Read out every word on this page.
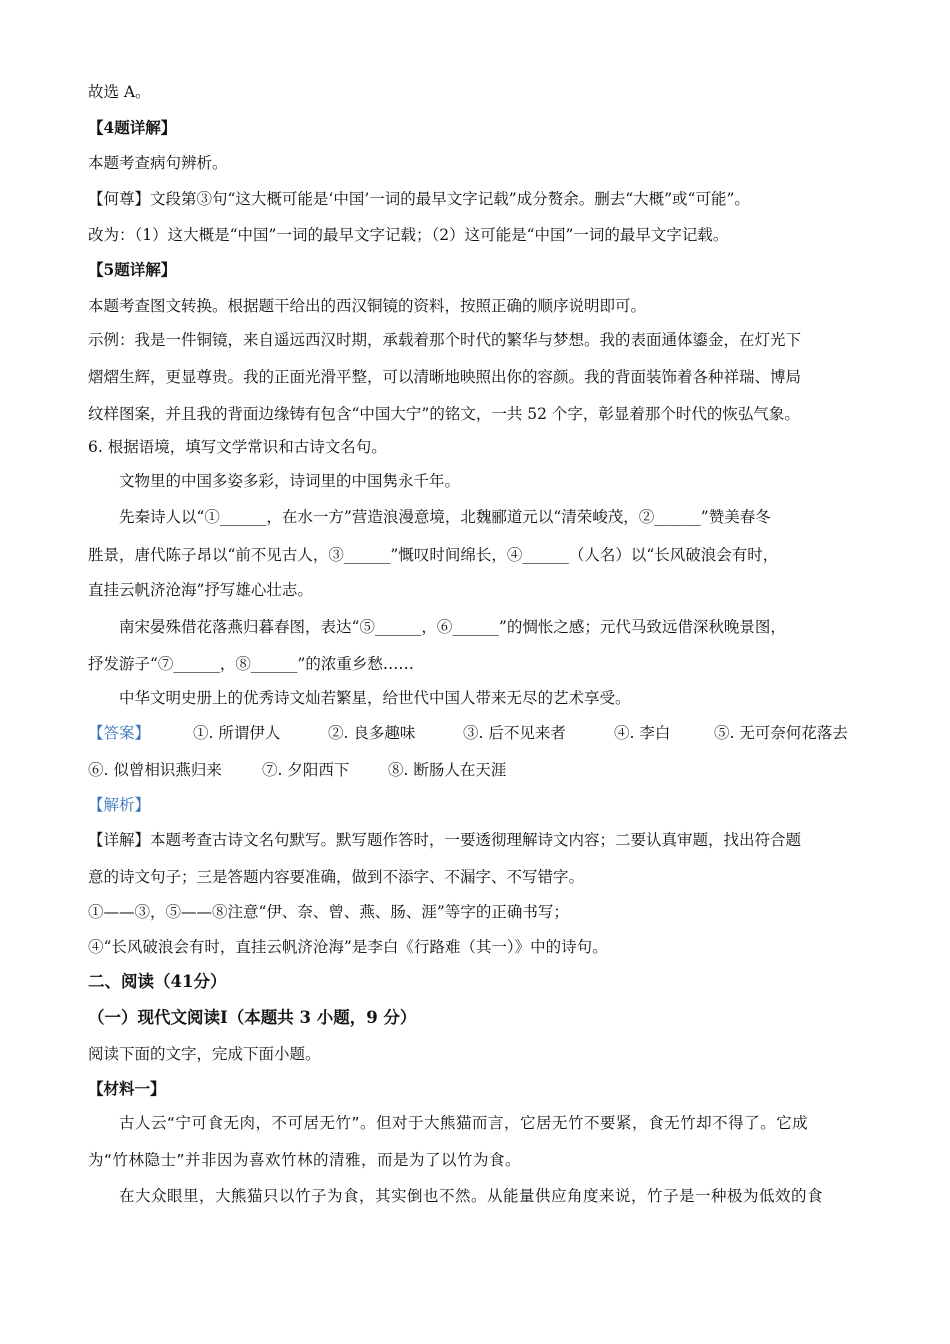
故选 A。
【4题详解】
本题考查病句辨析。
【何尊】文段第③句“这大概可能是‘中国’一词的最早文字记载”成分赘余。删去“大概”或“可能”。
改为：（1）这大概是“中国”一词的最早文字记载；（2）这可能是“中国”一词的最早文字记载。
【5题详解】
本题考查图文转换。根据题干给出的西汉铜镜的资料，按照正确的顺序说明即可。
示例：我是一件铜镜，来自遥远西汉时期，承载着那个时代的繁华与梦想。我的表面通体鎏金，在灯光下
熠熠生辉，更显尊贵。我的正面光滑平整，可以清晰地映照出你的容颜。我的背面装饰着各种祥瑞、博局
纹样图案，并且我的背面边缘铸有包含“中国大宁”的铭文，一共 52 个字，彰显着那个时代的恢弘气象。
6. 根据语境，填写文学常识和古诗文名句。
文物里的中国多姿多彩，诗词里的中国隽永千年。
先秦诗人以“①______，在水一方”营造浪漫意境，北魏郦道元以“清荣峻茂，②______”赞美春冬
胜景，唐代陈子昂以“前不见古人，③______”慨叹时间绵长，④______（人名）以“长风破浪会有时，
直挂云帆济沧海”抒写雄心壮志。
南宋晏殊借花落燕归暮春图，表达“⑤______，⑥______”的惆怅之感；元代马致远借深秋晚景图，
抒发游子“⑦______，⑧______”的浓重乡愁……
中华文明史册上的优秀诗文灿若繁星，给世代中国人带来无尽的艺术享受。
【答案】	①. 所谓伊人	②. 良多趣味	③. 后不见来者	④. 李白	⑤. 无可奈何花落去
⑥. 似曾相识燕归来	⑦. 夕阳西下 ⑧. 断肠人在天涯
【解析】
【详解】本题考查古诗文名句默写。默写题作答时，一要透彻理解诗文内容；二要认真审题，找出符合题
意的诗文句子；三是答题内容要准确，做到不添字、不漏字、不写错字。
①——③，⑤——⑧注意“伊、奈、曾、燕、肠、涯”等字的正确书写；
④“长风破浪会有时，直挂云帆济沧海”是李白《行路难（其一）》中的诗句。
二、阅读（41分）
（一）现代文阅读Ⅰ（本题共 3 小题，9 分）
阅读下面的文字，完成下面小题。
【材料一】
古人云“宁可食无肉，不可居无竹”。但对于大熊猫而言，它居无竹不要紧，食无竹却不得了。它成
为“竹林隐士”并非因为喜欢竹林的清雅，而是为了以竹为食。
在大众眼里，大熊猫只以竹子为食，其实倒也不然。从能量供应角度来说，竹子是一种极为低效的食
